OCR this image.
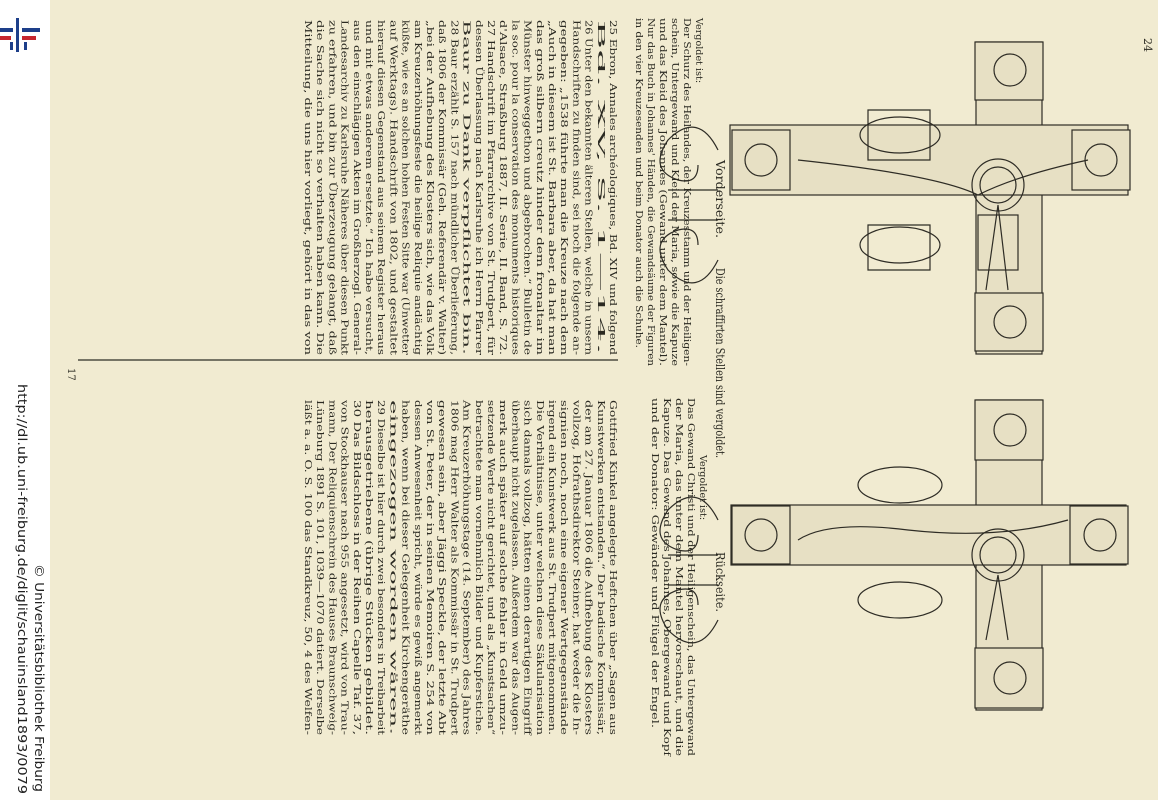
http://dl.ub.uni-freiburg.de/diglit/schauinsland1893/0079 © Universitätsbibliothek Freiburg
24
Vorderseite.
Die schraffirten Stellen sind vergoldet.
Rückseite.
Vergoldet ist:
Vergoldet ist:
Der Schurz des Heilandes, der Kreuzesstamm und der Heiligen-
schein, Untergewand und Kleid der Maria, sowie die Kapuze
und das Kleid des Johannes (Gewand unter dem Mantel).
Nur das Buch in Johannes' Händen, die Gewandsäume der Figuren
in den vier Kreuzesenden und beim Donator auch die Schuhe.
Das Gewand Christi und der Heiligenschein, das Untergewand
der Maria, das unter dem Mantel hervorschaut, und die
Kapuze. Das Gewand des Johannes, Obergewand und Kopf
und der Donator: Gewänder und Flügel der Engel.
17
25 Ebron, Annales archéologiques, Bd. XIV und folgend
Bd. XV, S. 1—14.
26 Unter den bekannten älteren Stellen, welche in unsern
Handschriften zu finden sind, sei noch die folgende an-
gegeben: „1538 führte man die Kreuze nach dem
„Auch in diesem ist St. Barbara aber, da hat man
das groß silbern creutz hinder dem fronaltar im
Münster hinweggethon und abgebrochen.“ Bulletin de
la soc. pour la conservation des monuments historiques
d'Alsace, Straßburg 1887, II. Serie, II. Band, S. 72.
27 Handschrift im Pfarrarchive von St. Trudpert, für
dessen Überlassung nach Karlsruhe ich Herrn Pfarrer
Baur zu Dank verpflichtet bin.
28 Baur erzählt S. 157 nach mündlicher Überlieferung,
daß 1806 der Kommissär (Geh. Referendär v. Walter)
„bei der Aufhebung des Klosters sich, wie das Volk
am Kreuzerhöhungsfeste die heilige Reliquie andächtig
küßte, wie es an solchen hohen Festen Sitte war (Unwetter
auf Werktags). Handschrift von 1802, und gestaltet
hierauf diesen Gegenstand aus seinem Register heraus
und mit etwas anderem ersetzte.“ Ich habe versucht,
aus den einschlägigen Akten im Großherzogl. General-
Landesarchiv zu Karlsruhe Näheres über diesen Punkt
zu erfahren, und bin zur Überzeugung gelangt, daß
die Sache sich nicht so verhalten haben kann. Die
Mitteilung, die uns hier vorliegt, gehört in das von
Gottfried Kinkel angelegte Heftchen über „Sagen aus
Kunstwerken entstanden.“ Der badische Kommissär,
der am 27. Januar 1806 die Aufhebung des Klosters
vollzog, Hofrathsdirektor Steiner, hat weder die In-
signien noch, noch eine eigener Wertgegenstände
irgend ein Kunstwerk aus St. Trudpert mitgenommen.
Die Verhältnisse, unter welchen diese Säkularisation
sich damals vollzog, hätten einen derartigen Eingriff
überhaupt nicht zugelassen. Außerdem war das Augen-
merk auch später auf solche fehler in Geld umzu-
setzende Werte nicht gerichtet, und als „Kunstsachen“
betrachtete man vornehmlich Bilder und Kupferstiche.
Am Kreuzerhöhungstage (14. September) des Jahres
1806 mag Herr Walter als Kommissär in St. Trudpert
gewesen sein, aber Jäggi Speckle, der letzte Abt
von St. Peter, der in seinen Memoiren S. 254 von
dessen Anwesenheit spricht, würde es gewiß angemerkt
haben, wenn bei dieser Gelegenheit Kirchengeräthe
eingezogen worden wären.
29 Dieselbe ist hier durch zwei besonders in Treibarbeit
herausgetriebene (übrige Stücken gebildet.
30 Das Bildschloss in der Reihen Capelle Taf. 37,
von Stockhauser nach 955 angesetzt, wird von Trau-
mann, Der Reliquienschrein des Hauses Braunschweig-
Lüneburg 1891 S. 101, 1039—1070 datiert. Derselbe
läßt a. a. O. S. 100 das Standkreuz, 50, 4 des Welfen-
